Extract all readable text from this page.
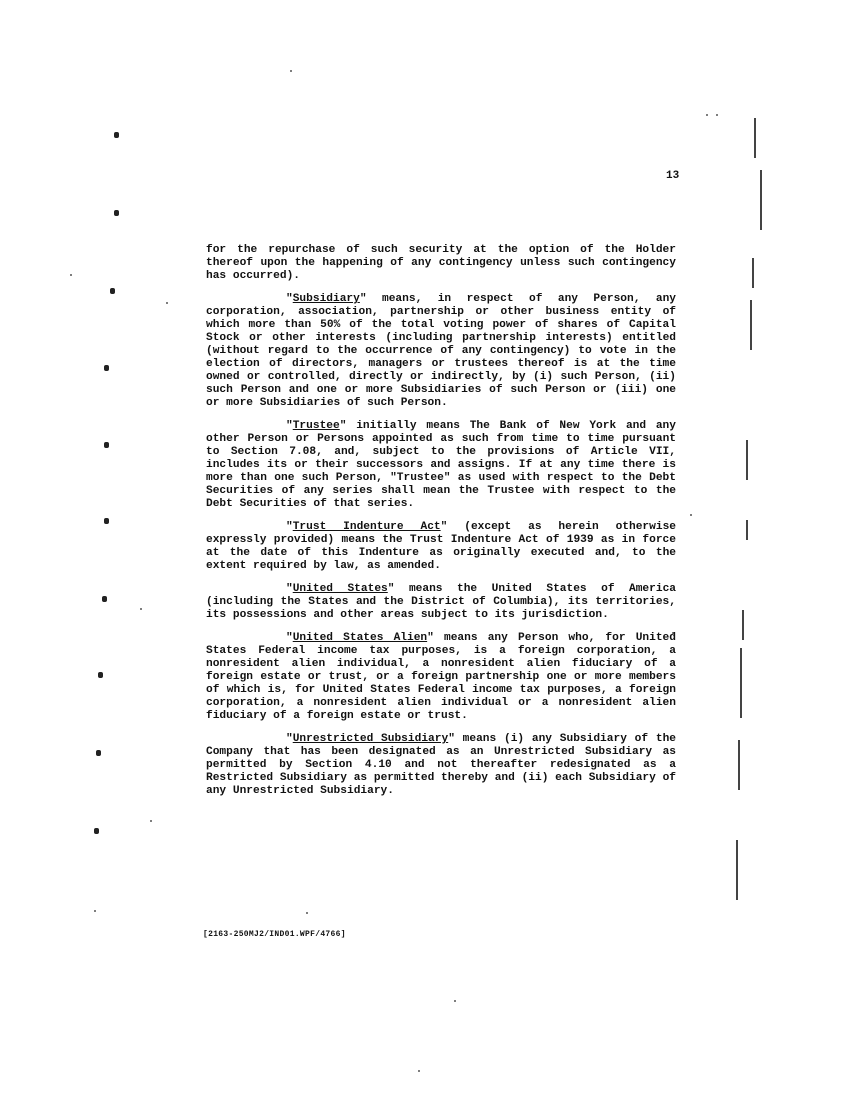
13

for the repurchase of such security at the option of the Holder thereof upon the happening of any contingency unless such contingency has occurred).

"Subsidiary" means, in respect of any Person, any corporation, association, partnership or other business entity of which more than 50% of the total voting power of shares of Capital Stock or other interests (including partnership interests) entitled (without regard to the occurrence of any contingency) to vote in the election of directors, managers or trustees thereof is at the time owned or controlled, directly or indirectly, by (i) such Person, (ii) such Person and one or more Subsidiaries of such Person or (iii) one or more Subsidiaries of such Person.

"Trustee" initially means The Bank of New York and any other Person or Persons appointed as such from time to time pursuant to Section 7.08, and, subject to the provisions of Article VII, includes its or their successors and assigns. If at any time there is more than one such Person, "Trustee" as used with respect to the Debt Securities of any series shall mean the Trustee with respect to the Debt Securities of that series.

"Trust Indenture Act" (except as herein otherwise expressly provided) means the Trust Indenture Act of 1939 as in force at the date of this Indenture as originally executed and, to the extent required by law, as amended.

"United States" means the United States of America (including the States and the District of Columbia), its territories, its possessions and other areas subject to its jurisdiction.

"United States Alien" means any Person who, for United States Federal income tax purposes, is a foreign corporation, a nonresident alien individual, a nonresident alien fiduciary of a foreign estate or trust, or a foreign partnership one or more members of which is, for United States Federal income tax purposes, a foreign corporation, a nonresident alien individual or a nonresident alien fiduciary of a foreign estate or trust.

"Unrestricted Subsidiary" means (i) any Subsidiary of the Company that has been designated as an Unrestricted Subsidiary as permitted by Section 4.10 and not thereafter redesignated as a Restricted Subsidiary as permitted thereby and (ii) each Subsidiary of any Unrestricted Subsidiary.

[2163-250MJ2/IND01.WPF/4766]
